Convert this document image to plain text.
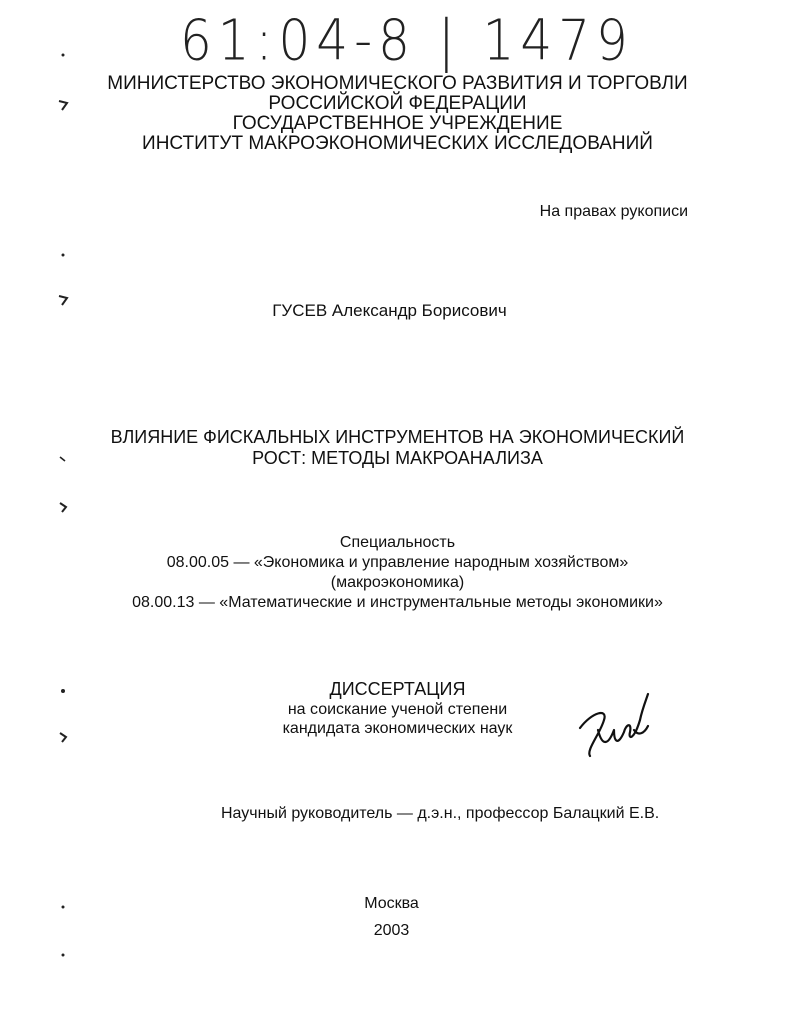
61:04-8 | 1479
МИНИСТЕРСТВО ЭКОНОМИЧЕСКОГО РАЗВИТИЯ И ТОРГОВЛИ
РОССИЙСКОЙ ФЕДЕРАЦИИ
ГОСУДАРСТВЕННОЕ УЧРЕЖДЕНИЕ
ИНСТИТУТ МАКРОЭКОНОМИЧЕСКИХ ИССЛЕДОВАНИЙ
На правах рукописи
ГУСЕВ Александр Борисович
ВЛИЯНИЕ ФИСКАЛЬНЫХ ИНСТРУМЕНТОВ НА ЭКОНОМИЧЕСКИЙ
РОСТ: МЕТОДЫ МАКРОАНАЛИЗА
Специальность
08.00.05 — «Экономика и управление народным хозяйством»
(макроэкономика)
08.00.13 — «Математические и инструментальные методы экономики»
ДИССЕРТАЦИЯ
на соискание ученой степени
кандидата экономических наук
Научный руководитель — д.э.н., профессор Балацкий Е.В.
Москва
2003
